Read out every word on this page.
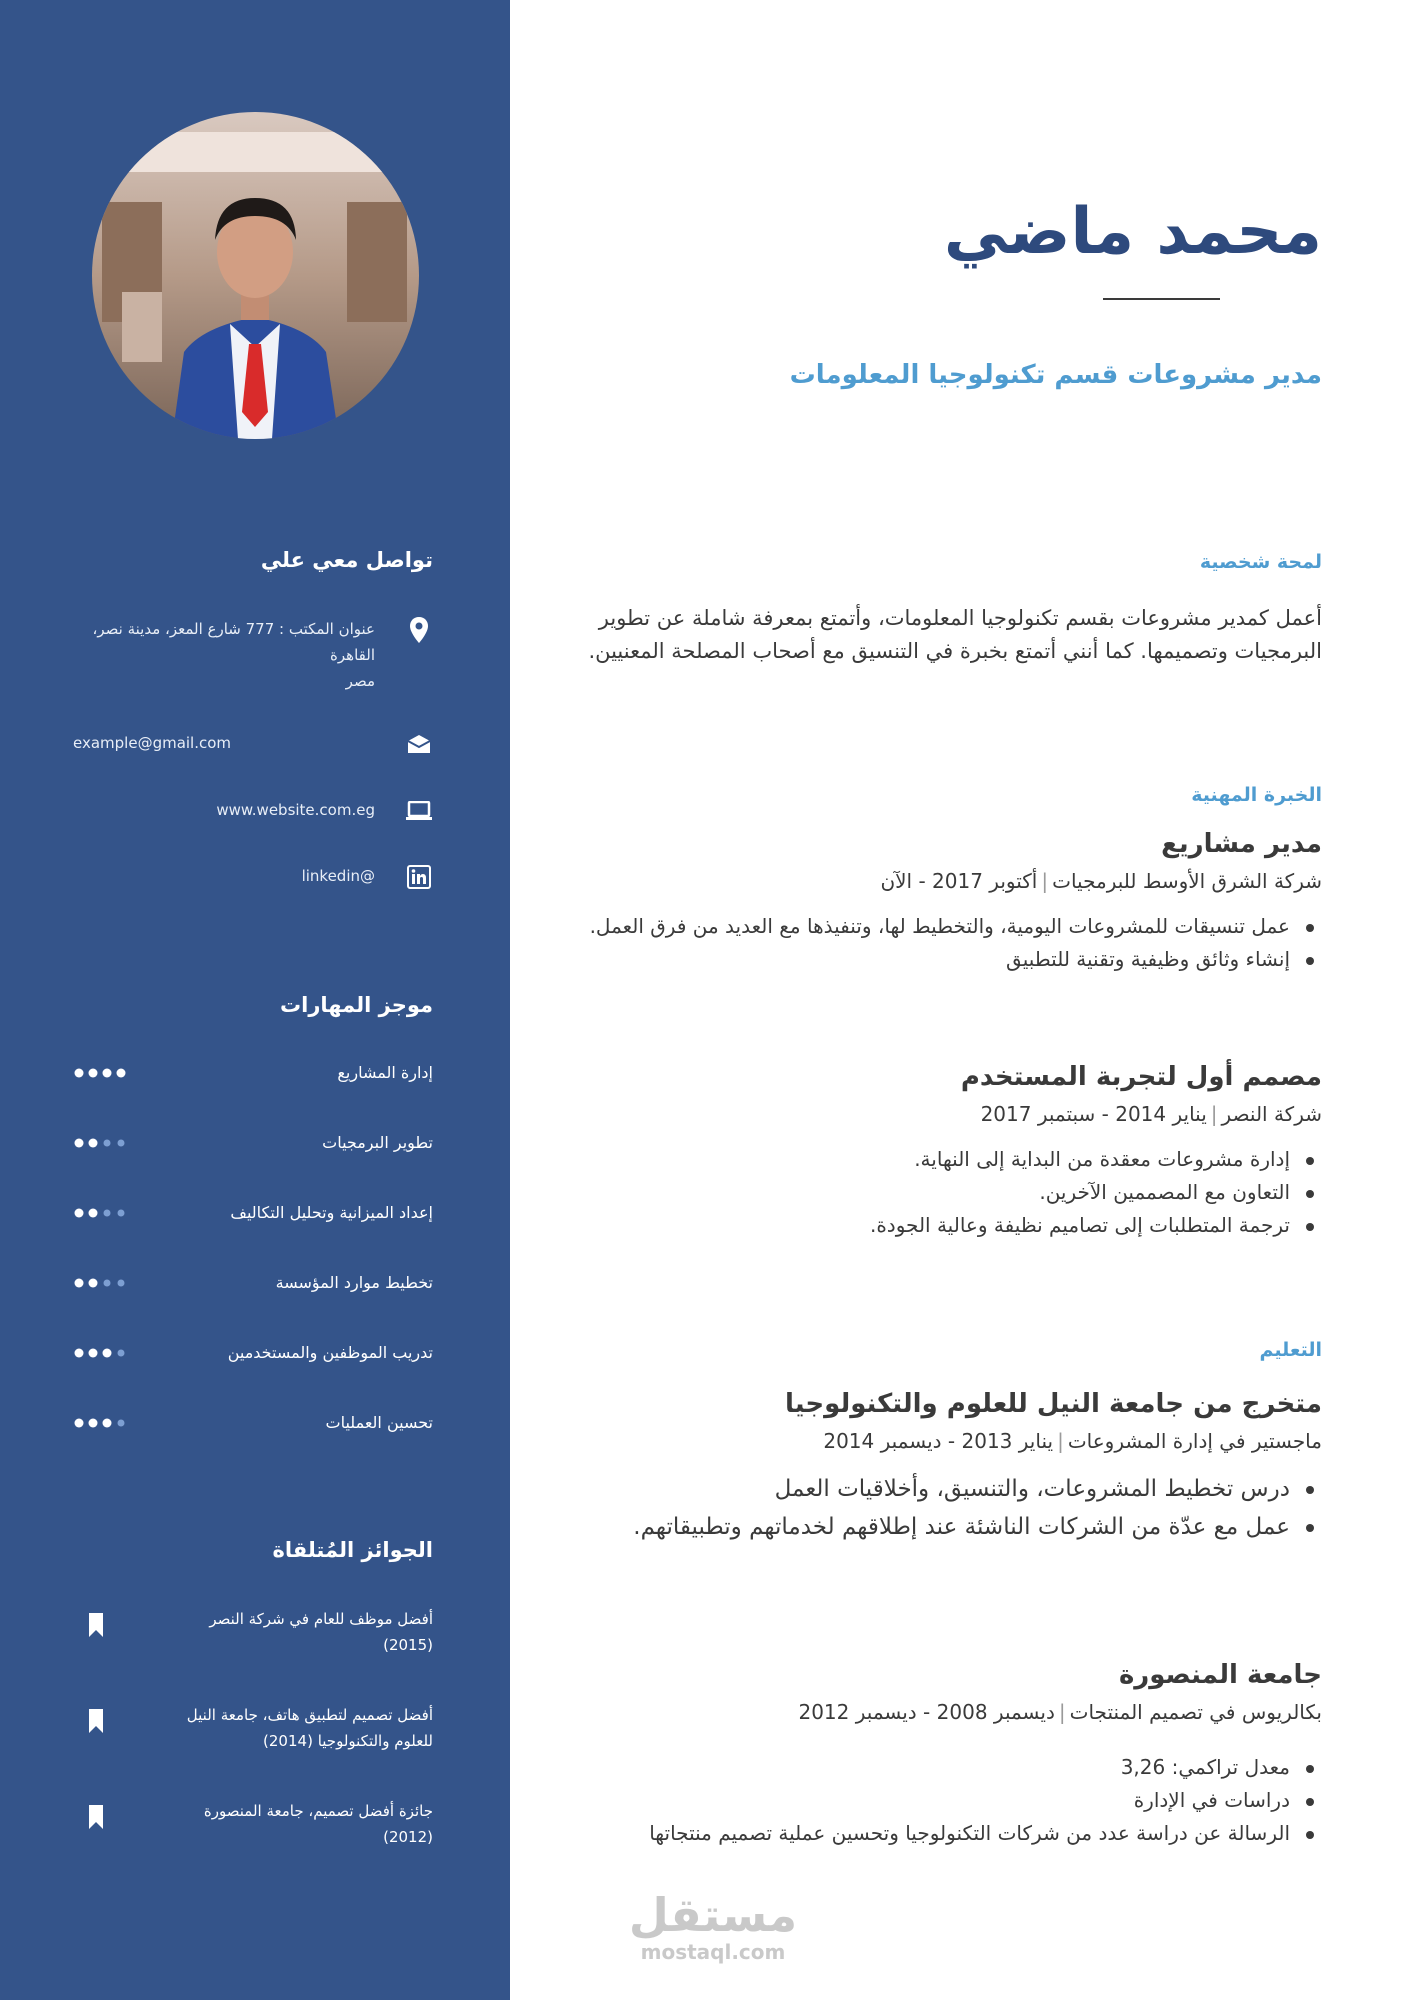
تواصل معي علي
عنوان المكتب : 777 شارع المعز، مدينة نصر، القاهرة
مصر
example@gmail.com
www.website.com.eg
linkedin@
موجز المهارات
إدارة المشاريع
تطوير البرمجيات
إعداد الميزانية وتحليل التكاليف
تخطيط موارد المؤسسة
تدريب الموظفين والمستخدمين
تحسين العمليات
الجوائز المُتلقاة
أفضل موظف للعام في شركة النصر (2015)
أفضل تصميم لتطبيق هاتف، جامعة النيل للعلوم والتكنولوجيا (2014)
جائزة أفضل تصميم، جامعة المنصورة (2012)
محمد ماضي
مدير مشروعات قسم تكنولوجيا المعلومات
لمحة شخصية
أعمل كمدير مشروعات بقسم تكنولوجيا المعلومات، وأتمتع بمعرفة شاملة عن تطوير البرمجيات وتصميمها. كما أنني أتمتع بخبرة في التنسيق مع أصحاب المصلحة المعنيين.
الخبرة المهنية
مدير مشاريع
شركة الشرق الأوسط للبرمجيات|أكتوبر 2017 - الآن
عمل تنسيقات للمشروعات اليومية، والتخطيط لها، وتنفيذها مع العديد من فرق العمل.
إنشاء وثائق وظيفية وتقنية للتطبيق
مصمم أول لتجربة المستخدم
شركة النصر|يناير 2014 - سبتمبر 2017
إدارة مشروعات معقدة من البداية إلى النهاية.
التعاون مع المصممين الآخرين.
ترجمة المتطلبات إلى تصاميم نظيفة وعالية الجودة.
التعليم
متخرج من جامعة النيل للعلوم والتكنولوجيا
ماجستير في إدارة المشروعات|يناير 2013 - ديسمبر 2014
درس تخطيط المشروعات، والتنسيق، وأخلاقيات العمل
عمل مع عدّة من الشركات الناشئة عند إطلاقهم لخدماتهم وتطبيقاتهم.
جامعة المنصورة
بكالريوس في تصميم المنتجات|ديسمبر 2008 - ديسمبر 2012
معدل تراكمي: 3,26
دراسات في الإدارة
الرسالة عن دراسة عدد من شركات التكنولوجيا وتحسين عملية تصميم منتجاتها
مستقل
mostaql.com
